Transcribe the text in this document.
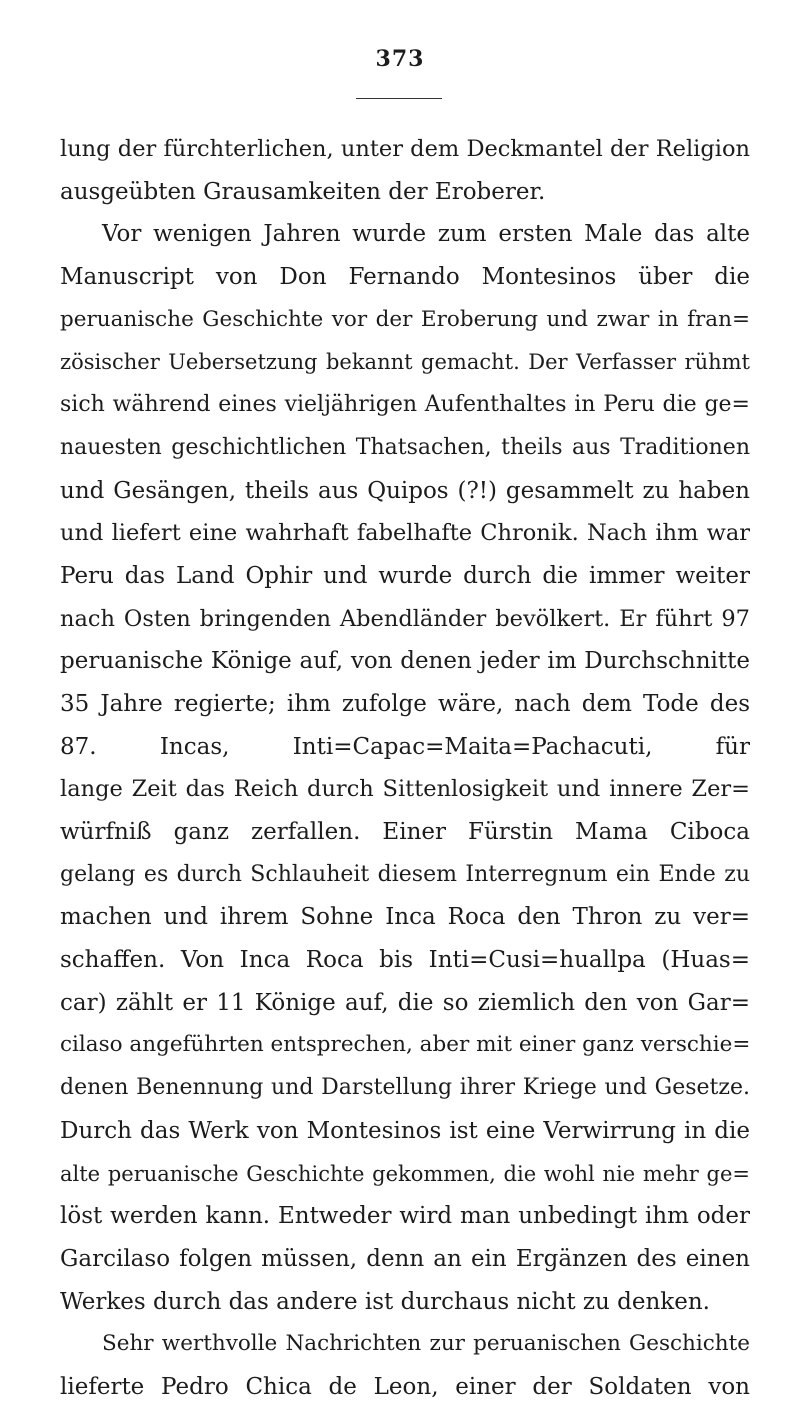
373
lung der fürchterlichen, unter dem Deckmantel der Religion
ausgeübten Grausamkeiten der Eroberer.
Vor wenigen Jahren wurde zum ersten Male das alte
Manuscript von Don Fernando Montesinos über die
peruanische Geschichte vor der Eroberung und zwar in fran=
zösischer Uebersetzung bekannt gemacht. Der Verfasser rühmt
sich während eines vieljährigen Aufenthaltes in Peru die ge=
nauesten geschichtlichen Thatsachen, theils aus Traditionen
und Gesängen, theils aus Quipos (?!) gesammelt zu haben
und liefert eine wahrhaft fabelhafte Chronik. Nach ihm war
Peru das Land Ophir und wurde durch die immer weiter
nach Osten bringenden Abendländer bevölkert. Er führt 97
peruanische Könige auf, von denen jeder im Durchschnitte
35 Jahre regierte; ihm zufolge wäre, nach dem Tode des
87. Incas, Inti=Capac=Maita=Pachacuti, für
lange Zeit das Reich durch Sittenlosigkeit und innere Zer=
würfniß ganz zerfallen. Einer Fürstin Mama Ciboca
gelang es durch Schlauheit diesem Interregnum ein Ende zu
machen und ihrem Sohne Inca Roca den Thron zu ver=
schaffen. Von Inca Roca bis Inti=Cusi=huallpa (Huas=
car) zählt er 11 Könige auf, die so ziemlich den von Gar=
cilaso angeführten entsprechen, aber mit einer ganz verschie=
denen Benennung und Darstellung ihrer Kriege und Gesetze.
Durch das Werk von Montesinos ist eine Verwirrung in die
alte peruanische Geschichte gekommen, die wohl nie mehr ge=
löst werden kann. Entweder wird man unbedingt ihm oder
Garcilaso folgen müssen, denn an ein Ergänzen des einen
Werkes durch das andere ist durchaus nicht zu denken.
Sehr werthvolle Nachrichten zur peruanischen Geschichte
lieferte Pedro Chica de Leon, einer der Soldaten von
